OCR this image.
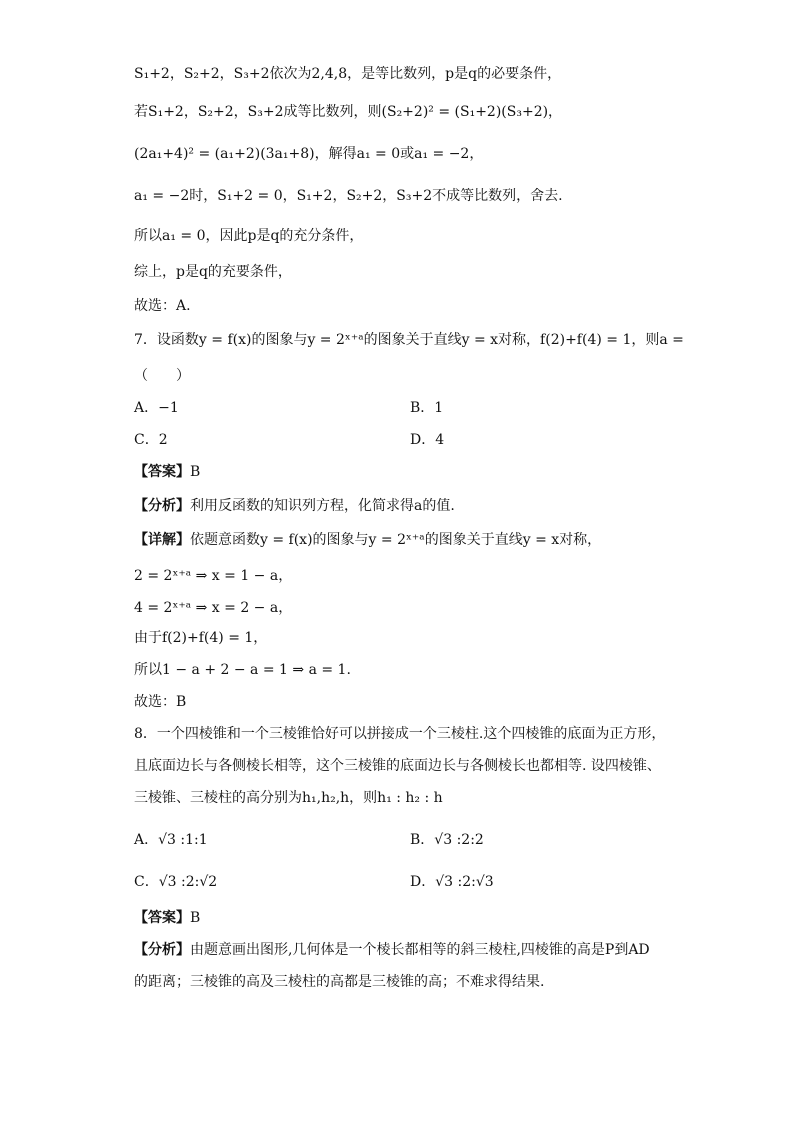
S₁+2，S₂+2，S₃+2依次为2,4,8，是等比数列，p是q的必要条件，
若S₁+2，S₂+2，S₃+2成等比数列，则(S₂+2)² = (S₁+2)(S₃+2)，
(2a₁+4)² = (a₁+2)(3a₁+8)，解得a₁ = 0或a₁ = −2，
a₁ = −2时，S₁+2 = 0，S₁+2，S₂+2，S₃+2不成等比数列，舍去.
所以a₁ = 0，因此p是q的充分条件，
综上，p是q的充要条件，
故选：A.
7．设函数y = f(x)的图象与y = 2ˣ⁺ᵃ的图象关于直线y = x对称，f(2)+f(4) = 1，则a =
（　　）
A．−1	B．1
C．2	D．4
【答案】B
【分析】利用反函数的知识列方程，化简求得a的值.
【详解】依题意函数y = f(x)的图象与y = 2ˣ⁺ᵃ的图象关于直线y = x对称，
2 = 2ˣ⁺ᵃ ⇒ x = 1 − a，
4 = 2ˣ⁺ᵃ ⇒ x = 2 − a，
由于f(2)+f(4) = 1，
所以1 − a + 2 − a = 1 ⇒ a = 1.
故选：B
8．一个四棱锥和一个三棱锥恰好可以拼接成一个三棱柱.这个四棱锥的底面为正方形，
且底面边长与各侧棱长相等，这个三棱锥的底面边长与各侧棱长也都相等. 设四棱锥、
三棱锥、三棱柱的高分别为h₁,h₂,h，则h₁ : h₂ : h
A．√3 :1:1	B．√3 :2:2
C．√3 :2:√2	D．√3 :2:√3
【答案】B
【分析】由题意画出图形,几何体是一个棱长都相等的斜三棱柱,四棱锥的高是P到AD
的距离；三棱锥的高及三棱柱的高都是三棱锥的高；不难求得结果.
